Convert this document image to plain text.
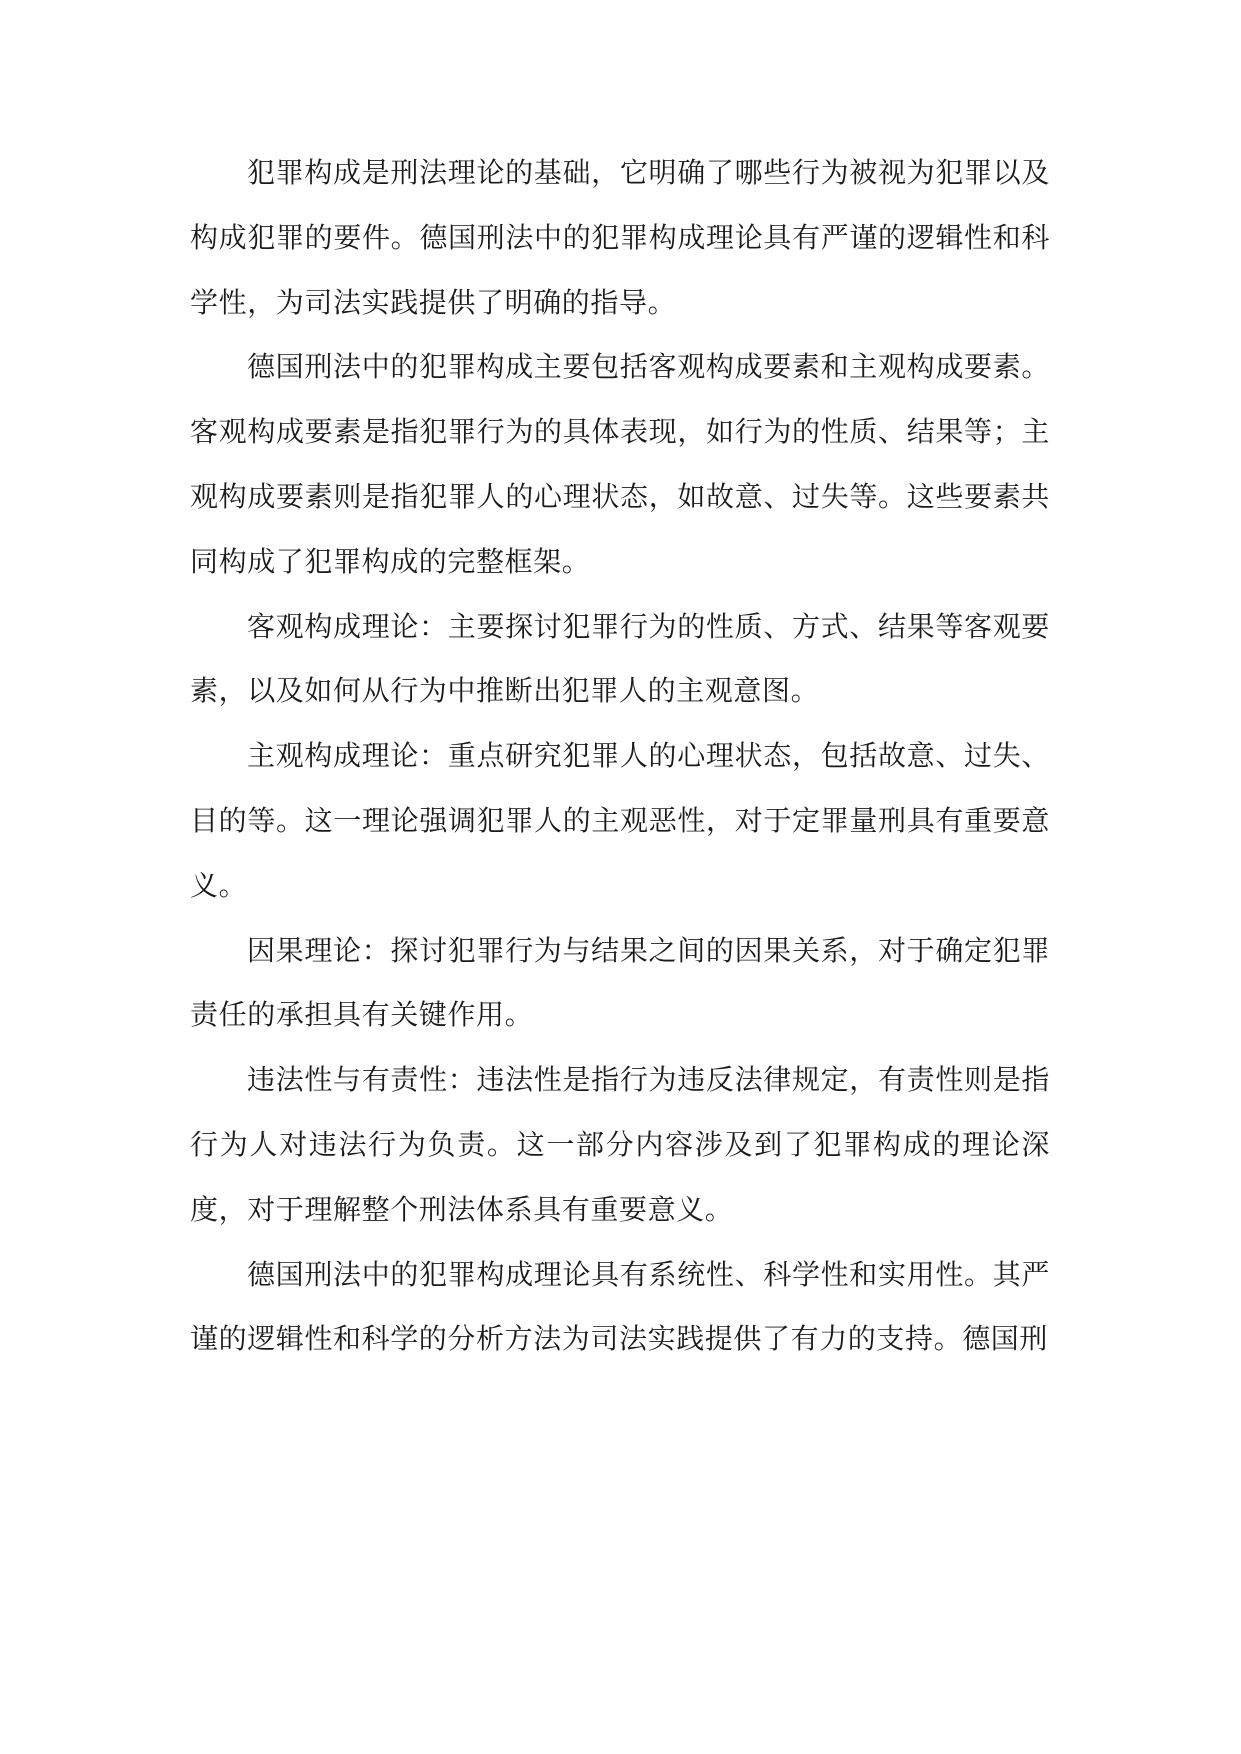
犯罪构成是刑法理论的基础，它明确了哪些行为被视为犯罪以及构成犯罪的要件。德国刑法中的犯罪构成理论具有严谨的逻辑性和科学性，为司法实践提供了明确的指导。

德国刑法中的犯罪构成主要包括客观构成要素和主观构成要素。客观构成要素是指犯罪行为的具体表现，如行为的性质、结果等；主观构成要素则是指犯罪人的心理状态，如故意、过失等。这些要素共同构成了犯罪构成的完整框架。

客观构成理论：主要探讨犯罪行为的性质、方式、结果等客观要素，以及如何从行为中推断出犯罪人的主观意图。

主观构成理论：重点研究犯罪人的心理状态，包括故意、过失、目的等。这一理论强调犯罪人的主观恶性，对于定罪量刑具有重要意义。

因果理论：探讨犯罪行为与结果之间的因果关系，对于确定犯罪责任的承担具有关键作用。

违法性与有责性：违法性是指行为违反法律规定，有责性则是指行为人对违法行为负责。这一部分内容涉及到了犯罪构成的理论深度，对于理解整个刑法体系具有重要意义。

德国刑法中的犯罪构成理论具有系统性、科学性和实用性。其严谨的逻辑性和科学的分析方法为司法实践提供了有力的支持。德国刑
